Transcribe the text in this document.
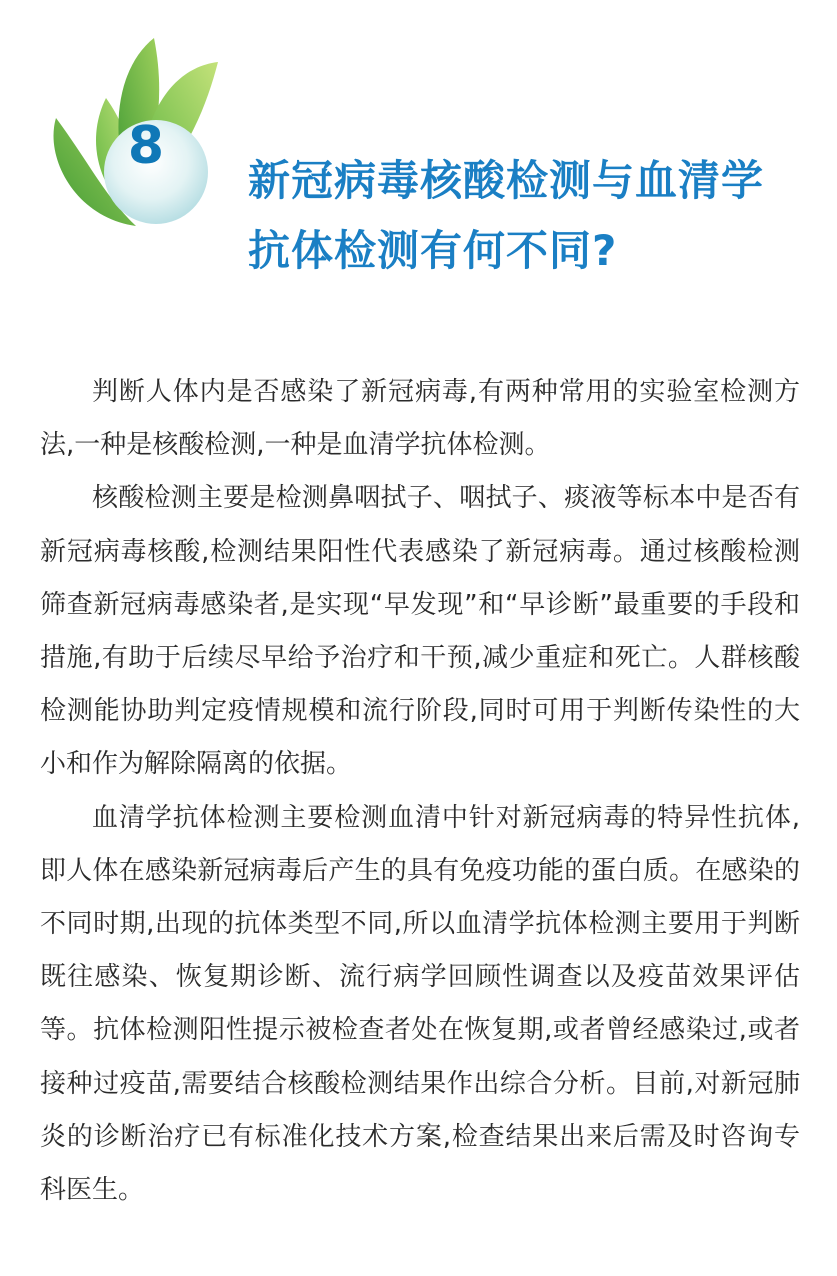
8
新冠病毒核酸检测与血清学
抗体检测有何不同?

判断人体内是否感染了新冠病毒,有两种常用的实验室检测方法,一种是核酸检测,一种是血清学抗体检测。

核酸检测主要是检测鼻咽拭子、咽拭子、痰液等标本中是否有新冠病毒核酸,检测结果阳性代表感染了新冠病毒。通过核酸检测筛查新冠病毒感染者,是实现“早发现”和“早诊断”最重要的手段和措施,有助于后续尽早给予治疗和干预,减少重症和死亡。人群核酸检测能协助判定疫情规模和流行阶段,同时可用于判断传染性的大小和作为解除隔离的依据。

血清学抗体检测主要检测血清中针对新冠病毒的特异性抗体,即人体在感染新冠病毒后产生的具有免疫功能的蛋白质。在感染的不同时期,出现的抗体类型不同,所以血清学抗体检测主要用于判断既往感染、恢复期诊断、流行病学回顾性调查以及疫苗效果评估等。抗体检测阳性提示被检查者处在恢复期,或者曾经感染过,或者接种过疫苗,需要结合核酸检测结果作出综合分析。目前,对新冠肺炎的诊断治疗已有标准化技术方案,检查结果出来后需及时咨询专科医生。
